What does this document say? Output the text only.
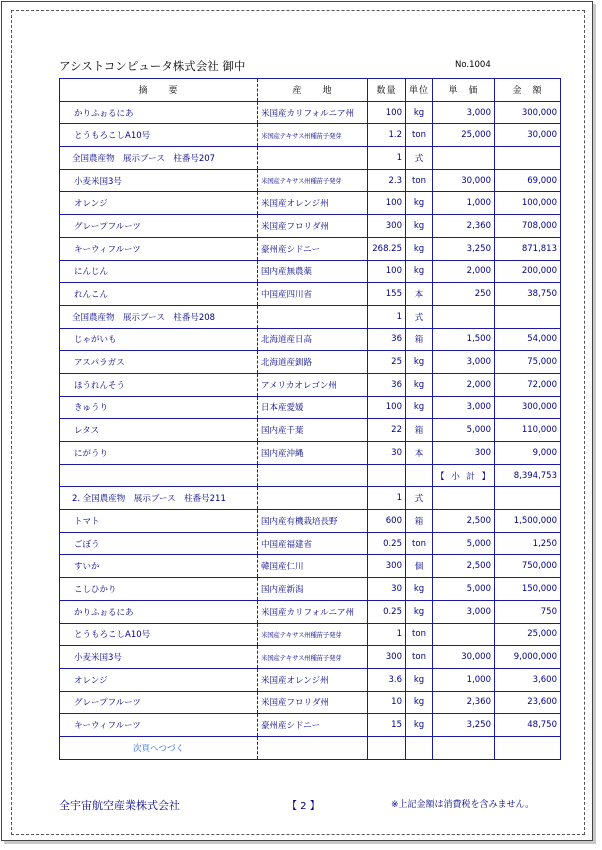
アシストコンピュータ株式会社 御中	No.1004
摘　　要	産　　地	数量	単位	単　価	金　額
かりふぉるにあ	米国産カリフォルニア州	100	kg	3,000	300,000
とうもろこしA10号	米国産テキサス州種苗子発芽	1.2	ton	25,000	30,000
全国農産物　展示ブース　柱番号207		1	式		
小麦米国3号	米国産テキサス州種苗子発芽	2.3	ton	30,000	69,000
オレンジ	米国産オレンジ州	100	kg	1,000	100,000
グレープフルーツ	米国産フロリダ州	300	kg	2,360	708,000
キーウィフルーツ	豪州産シドニー	268.25	kg	3,250	871,813
にんじん	国内産無農薬	100	kg	2,000	200,000
れんこん	中国産四川省	155	本	250	38,750
全国農産物　展示ブース　柱番号208		1	式		
じゃがいも	北海道産日高	36	箱	1,500	54,000
アスパラガス	北海道産釧路	25	kg	3,000	75,000
ほうれんそう	アメリカオレゴン州	36	kg	2,000	72,000
きゅうり	日本産愛媛	100	kg	3,000	300,000
レタス	国内産千葉	22	箱	5,000	110,000
にがうり	国内産沖縄	30	本	300	9,000
				【 小 計 】	8,394,753
2. 全国農産物　展示ブース　柱番号211		1	式		
トマト	国内産有機栽培長野	600	箱	2,500	1,500,000
ごぼう	中国産福建省	0.25	ton	5,000	1,250
すいか	韓国産仁川	300	個	2,500	750,000
こしひかり	国内産新潟	30	kg	5,000	150,000
かりふぉるにあ	米国産カリフォルニア州	0.25	kg	3,000	750
とうもろこしA10号	米国産テキサス州種苗子発芽	1	ton		25,000
小麦米国3号	米国産テキサス州種苗子発芽	300	ton	30,000	9,000,000
オレンジ	米国産オレンジ州	3.6	kg	1,000	3,600
グレープフルーツ	米国産フロリダ州	10	kg	2,360	23,600
キーウィフルーツ	豪州産シドニー	15	kg	3,250	48,750
次頁へつづく					
全宇宙航空産業株式会社	【 2 】	※上記金額は消費税を含みません。
